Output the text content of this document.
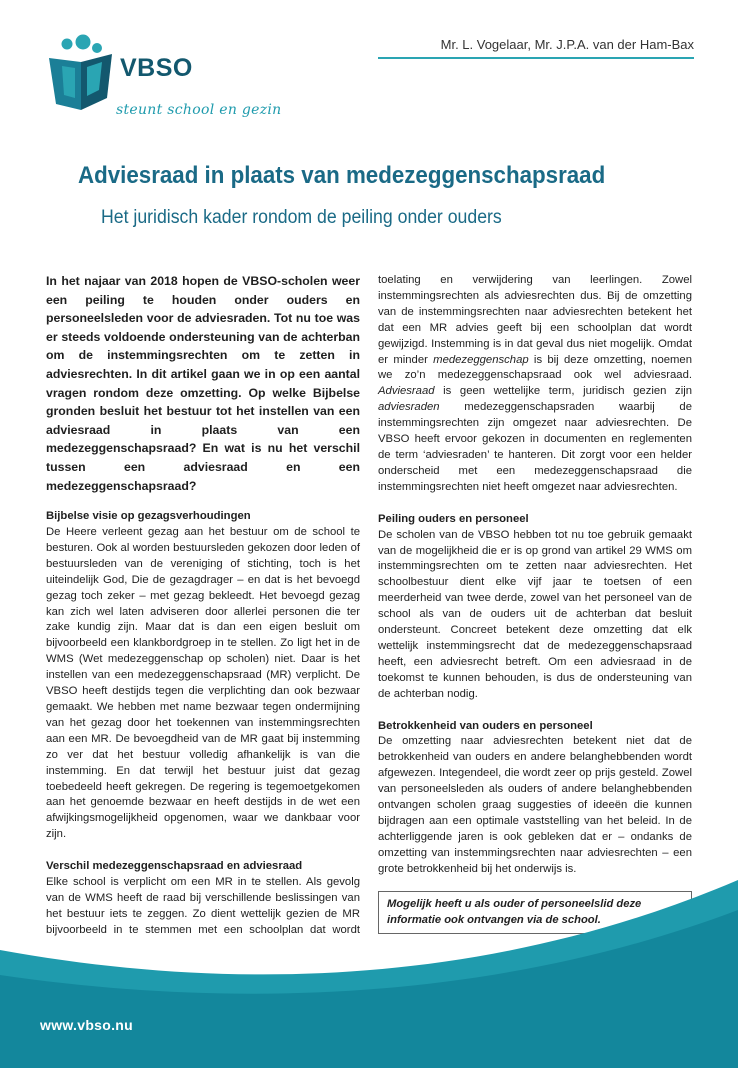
VBSO
steunt school en gezin
Mr. L. Vogelaar, Mr. J.P.A. van der Ham-Bax
Adviesraad in plaats van medezeggenschapsraad
Het juridisch kader rondom de peiling onder ouders

In het najaar van 2018 hopen de VBSO-scholen weer een peiling te houden onder ouders en personeelsleden voor de adviesraden. Tot nu toe was er steeds voldoende ondersteuning van de achterban om de instemmingsrechten om te zetten in adviesrechten. In dit artikel gaan we in op een aantal vragen rondom deze omzetting. Op welke Bijbelse gronden besluit het bestuur tot het instellen van een adviesraad in plaats van een medezeggenschapsraad? En wat is nu het verschil tussen een adviesraad en een medezeggenschapsraad?

Bijbelse visie op gezagsverhoudingen

De Heere verleent gezag aan het bestuur om de school te besturen. Ook al worden bestuursleden gekozen door leden of bestuursleden van de vereniging of stichting, toch is het uiteindelijk God, Die de gezagdrager – en dat is het bevoegd gezag toch zeker – met gezag bekleedt. Het bevoegd gezag kan zich wel laten adviseren door allerlei personen die ter zake kundig zijn. Maar dat is dan een eigen besluit om bijvoorbeeld een klankbordgroep in te stellen. Zo ligt het in de WMS (Wet medezeggenschap op scholen) niet. Daar is het instellen van een medezeggenschapsraad (MR) verplicht. De VBSO heeft destijds tegen die verplichting dan ook bezwaar gemaakt. We hebben met name bezwaar tegen ondermijning van het gezag door het toekennen van instemmingsrechten aan een MR. De bevoegdheid van de MR gaat bij instemming zo ver dat het bestuur volledig afhankelijk is van die instemming. En dat terwijl het bestuur juist dat gezag toebedeeld heeft gekregen. De regering is tegemoetgekomen aan het genoemde bezwaar en heeft destijds in de wet een afwijkingsmogelijkheid opgenomen, waar we dankbaar voor zijn.

Verschil medezeggenschapsraad en adviesraad

Elke school is verplicht om een MR in te stellen. Als gevolg van de WMS heeft de raad bij verschillende beslissingen van het bestuur iets te zeggen. Zo dient wettelijk gezien de MR bijvoorbeeld in te stemmen met een schoolplan dat wordt

toelating en verwijdering van leerlingen. Zowel instemmingsrechten als adviesrechten dus. Bij de omzetting van de instemmingsrechten naar adviesrechten betekent het dat een MR advies geeft bij een schoolplan dat wordt gewijzigd. Instemming is in dat geval dus niet mogelijk. Omdat er minder medezeggenschap is bij deze omzetting, noemen we zo’n medezeggenschapsraad ook wel adviesraad. Adviesraad is geen wettelijke term, juridisch gezien zijn adviesraden medezeggenschapsraden waarbij de instemmingsrechten zijn omgezet naar adviesrechten. De VBSO heeft ervoor gekozen in documenten en reglementen de term ‘adviesraden’ te hanteren. Dit zorgt voor een helder onderscheid met een medezeggenschapsraad die instemmingsrechten niet heeft omgezet naar adviesrechten.

Peiling ouders en personeel

De scholen van de VBSO hebben tot nu toe gebruik gemaakt van de mogelijkheid die er is op grond van artikel 29 WMS om instemmingsrechten om te zetten naar adviesrechten. Het schoolbestuur dient elke vijf jaar te toetsen of een meerderheid van twee derde, zowel van het personeel van de school als van de ouders uit de achterban dat besluit ondersteunt. Concreet betekent deze omzetting dat elk wettelijk instemmingsrecht dat de medezeggenschapsraad heeft, een adviesrecht betreft. Om een adviesraad in de toekomst te kunnen behouden, is dus de ondersteuning van de achterban nodig.

Betrokkenheid van ouders en personeel

De omzetting naar adviesrechten betekent niet dat de betrokkenheid van ouders en andere belanghebbenden wordt afgewezen. Integendeel, die wordt zeer op prijs gesteld. Zowel van personeelsleden als ouders of andere belanghebbenden ontvangen scholen graag suggesties of ideeën die kunnen bijdragen aan een optimale vaststelling van het beleid. In de achterliggende jaren is ook gebleken dat er – ondanks de omzetting van instemmingsrechten naar adviesrechten – een grote betrokkenheid bij het onderwijs is.

Mogelijk heeft u als ouder of personeelslid deze informatie ook ontvangen via de school.
www.vbso.nu
